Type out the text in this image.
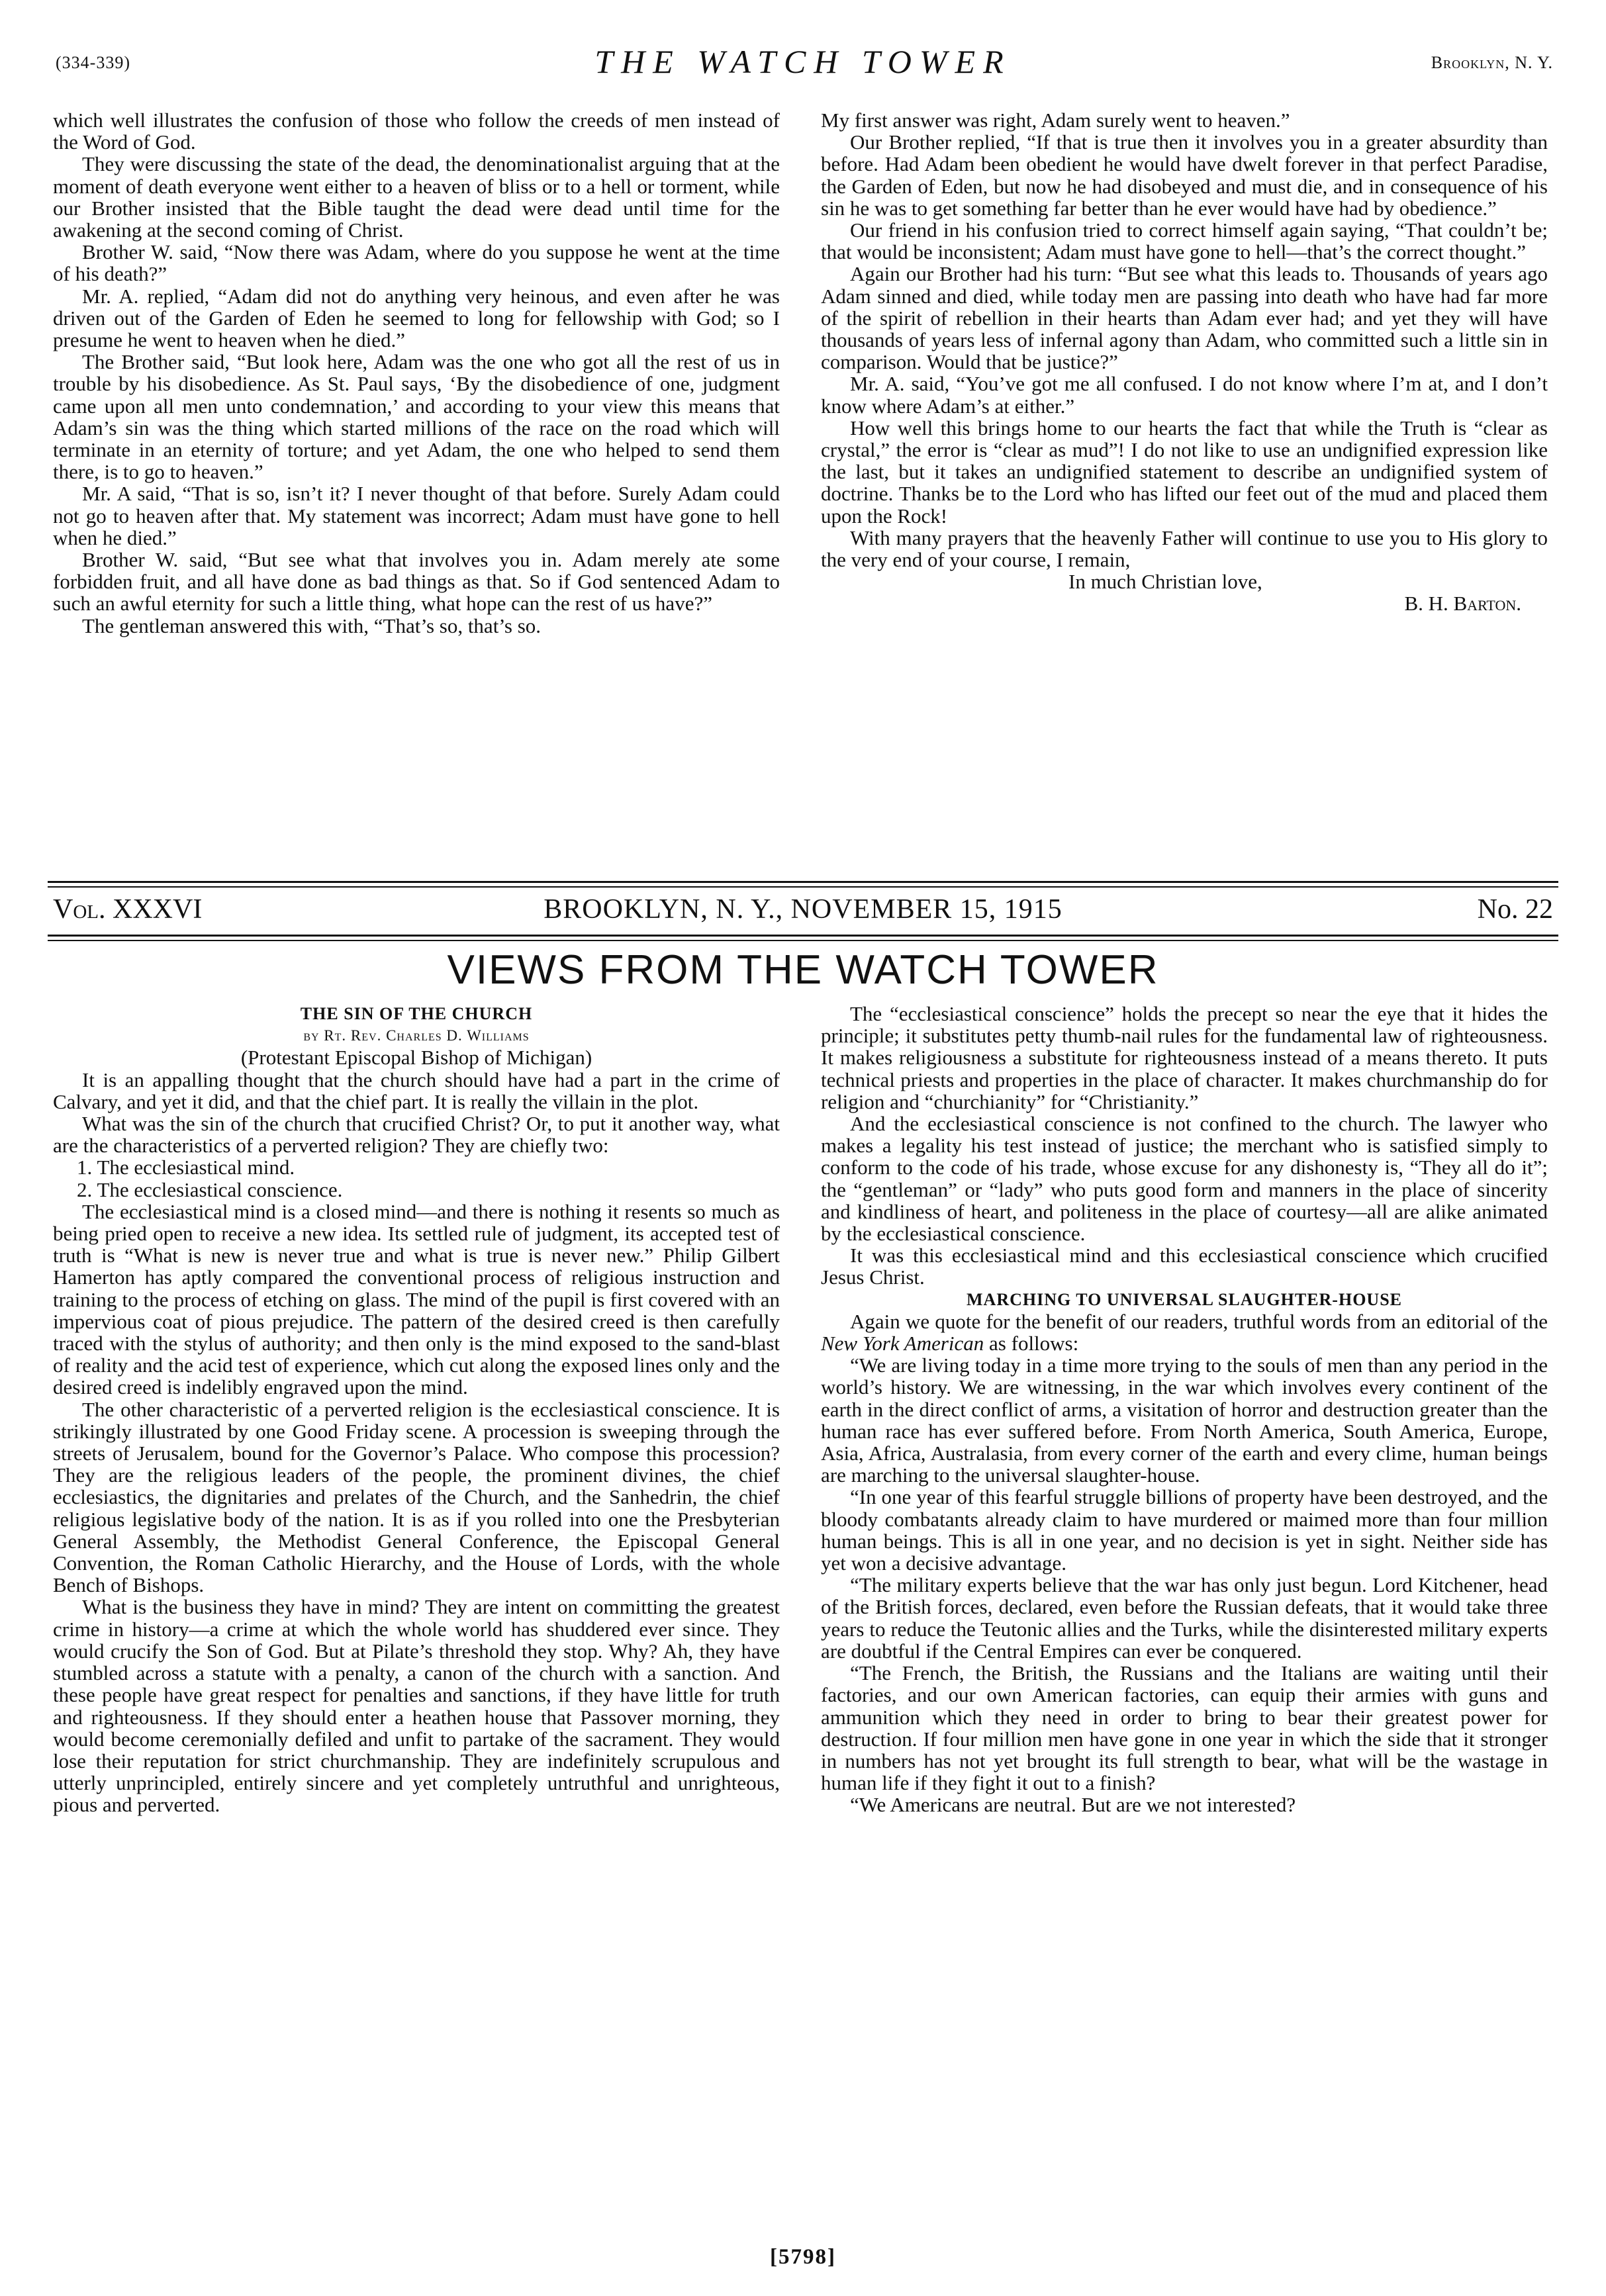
(334-339)	THE WATCH TOWER	Brooklyn, N. Y.

which well illustrates the confusion of those who follow the creeds of men instead of the Word of God.

They were discussing the state of the dead, the denominationalist arguing that at the moment of death everyone went either to a heaven of bliss or to a hell or torment, while our Brother insisted that the Bible taught the dead were dead until time for the awakening at the second coming of Christ.

Brother W. said, “Now there was Adam, where do you suppose he went at the time of his death?”

Mr. A. replied, “Adam did not do anything very heinous, and even after he was driven out of the Garden of Eden he seemed to long for fellowship with God; so I presume he went to heaven when he died.”

The Brother said, “But look here, Adam was the one who got all the rest of us in trouble by his disobedience. As St. Paul says, ‘By the disobedience of one, judgment came upon all men unto condemnation,’ and according to your view this means that Adam’s sin was the thing which started millions of the race on the road which will terminate in an eternity of torture; and yet Adam, the one who helped to send them there, is to go to heaven.”

Mr. A said, “That is so, isn’t it? I never thought of that before. Surely Adam could not go to heaven after that. My statement was incorrect; Adam must have gone to hell when he died.”

Brother W. said, “But see what that involves you in. Adam merely ate some forbidden fruit, and all have done as bad things as that. So if God sentenced Adam to such an awful eternity for such a little thing, what hope can the rest of us have?”

The gentleman answered this with, “That’s so, that’s so.

My first answer was right, Adam surely went to heaven.”

Our Brother replied, “If that is true then it involves you in a greater absurdity than before. Had Adam been obedient he would have dwelt forever in that perfect Paradise, the Garden of Eden, but now he had disobeyed and must die, and in consequence of his sin he was to get something far better than he ever would have had by obedience.”

Our friend in his confusion tried to correct himself again saying, “That couldn’t be; that would be inconsistent; Adam must have gone to hell—that’s the correct thought.”

Again our Brother had his turn: “But see what this leads to. Thousands of years ago Adam sinned and died, while today men are passing into death who have had far more of the spirit of rebellion in their hearts than Adam ever had; and yet they will have thousands of years less of infernal agony than Adam, who committed such a little sin in comparison. Would that be justice?”

Mr. A. said, “You’ve got me all confused. I do not know where I’m at, and I don’t know where Adam’s at either.”

How well this brings home to our hearts the fact that while the Truth is “clear as crystal,” the error is “clear as mud”! I do not like to use an undignified expression like the last, but it takes an undignified statement to describe an undignified system of doctrine. Thanks be to the Lord who has lifted our feet out of the mud and placed them upon the Rock!

With many prayers that the heavenly Father will continue to use you to His glory to the very end of your course, I remain,

In much Christian love,
B. H. Barton.

Vol. XXXVI	BROOKLYN, N. Y., NOVEMBER 15, 1915	No. 22
VIEWS FROM THE WATCH TOWER

THE SIN OF THE CHURCH

by Rt. Rev. Charles D. Williams

(Protestant Episcopal Bishop of Michigan)

It is an appalling thought that the church should have had a part in the crime of Calvary, and yet it did, and that the chief part. It is really the villain in the plot.

What was the sin of the church that crucified Christ? Or, to put it another way, what are the characteristics of a perverted religion? They are chiefly two:

1. The ecclesiastical mind.

2. The ecclesiastical conscience.

The ecclesiastical mind is a closed mind—and there is nothing it resents so much as being pried open to receive a new idea. Its settled rule of judgment, its accepted test of truth is “What is new is never true and what is true is never new.” Philip Gilbert Hamerton has aptly compared the conventional process of religious instruction and training to the process of etching on glass. The mind of the pupil is first covered with an impervious coat of pious prejudice. The pattern of the desired creed is then carefully traced with the stylus of authority; and then only is the mind exposed to the sand-blast of reality and the acid test of experience, which cut along the exposed lines only and the desired creed is indelibly engraved upon the mind.

The other characteristic of a perverted religion is the ecclesiastical conscience. It is strikingly illustrated by one Good Friday scene. A procession is sweeping through the streets of Jerusalem, bound for the Governor’s Palace. Who compose this procession? They are the religious leaders of the people, the prominent divines, the chief ecclesiastics, the dignitaries and prelates of the Church, and the Sanhedrin, the chief religious legislative body of the nation. It is as if you rolled into one the Presbyterian General Assembly, the Methodist General Conference, the Episcopal General Convention, the Roman Catholic Hierarchy, and the House of Lords, with the whole Bench of Bishops.

What is the business they have in mind? They are intent on committing the greatest crime in history—a crime at which the whole world has shuddered ever since. They would crucify the Son of God. But at Pilate’s threshold they stop. Why? Ah, they have stumbled across a statute with a penalty, a canon of the church with a sanction. And these people have great respect for penalties and sanctions, if they have little for truth and righteousness. If they should enter a heathen house that Passover morning, they would become ceremonially defiled and unfit to partake of the sacrament. They would lose their reputation for strict churchmanship. They are indefinitely scrupulous and utterly unprincipled, entirely sincere and yet completely untruthful and unrighteous, pious and perverted.

The “ecclesiastical conscience” holds the precept so near the eye that it hides the principle; it substitutes petty thumb-nail rules for the fundamental law of righteousness. It makes religiousness a substitute for righteousness instead of a means thereto. It puts technical priests and properties in the place of character. It makes churchmanship do for religion and “churchianity” for “Christianity.”

And the ecclesiastical conscience is not confined to the church. The lawyer who makes a legality his test instead of justice; the merchant who is satisfied simply to conform to the code of his trade, whose excuse for any dishonesty is, “They all do it”; the “gentleman” or “lady” who puts good form and manners in the place of sincerity and kindliness of heart, and politeness in the place of courtesy—all are alike animated by the ecclesiastical conscience.

It was this ecclesiastical mind and this ecclesiastical conscience which crucified Jesus Christ.

MARCHING TO UNIVERSAL SLAUGHTER-HOUSE

Again we quote for the benefit of our readers, truthful words from an editorial of the New York American as follows:

“We are living today in a time more trying to the souls of men than any period in the world’s history. We are witnessing, in the war which involves every continent of the earth in the direct conflict of arms, a visitation of horror and destruction greater than the human race has ever suffered before. From North America, South America, Europe, Asia, Africa, Australasia, from every corner of the earth and every clime, human beings are marching to the universal slaughter-house.

“In one year of this fearful struggle billions of property have been destroyed, and the bloody combatants already claim to have murdered or maimed more than four million human beings. This is all in one year, and no decision is yet in sight. Neither side has yet won a decisive advantage.

“The military experts believe that the war has only just begun. Lord Kitchener, head of the British forces, declared, even before the Russian defeats, that it would take three years to reduce the Teutonic allies and the Turks, while the disinterested military experts are doubtful if the Central Empires can ever be conquered.

“The French, the British, the Russians and the Italians are waiting until their factories, and our own American factories, can equip their armies with guns and ammunition which they need in order to bring to bear their greatest power for destruction. If four million men have gone in one year in which the side that it stronger in numbers has not yet brought its full strength to bear, what will be the wastage in human life if they fight it out to a finish?

“We Americans are neutral. But are we not interested?

[5798]
